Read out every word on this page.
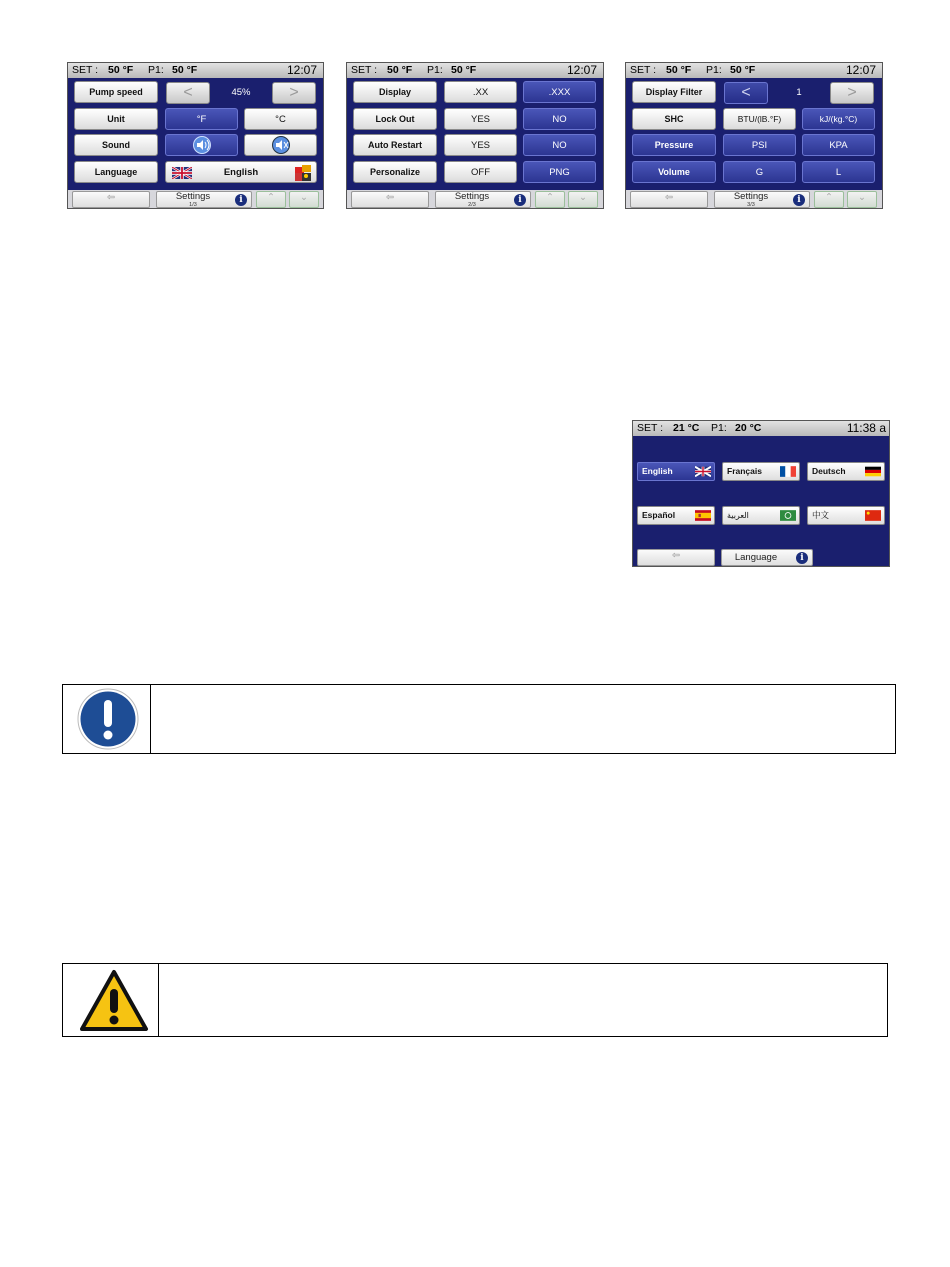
SET : 50 °F P1: 50 °F	12:07
Pump speed	<	45%	>
Unit	°F	°C
Sound
Language	English
⇦	Settings
1/3	i	⌃	⌄
SET : 50 °F P1: 50 °F	12:07
Display	.XX	.XXX
Lock Out	YES	NO
Auto Restart	YES	NO
Personalize	OFF	PNG
⇦	Settings
2/3	i	⌃	⌄
SET : 50 °F P1: 50 °F	12:07
Display Filter	<	1	>
SHC	BTU/(lB.°F)	kJ/(kg.°C)
Pressure	PSI	KPA
Volume	G	L
⇦	Settings
3/3	i	⌃	⌄
SET : 21 °C P1: 20 °C	11:38 a
English	Français	Deutsch
Español	العربية	中文
⇦	Language	i
